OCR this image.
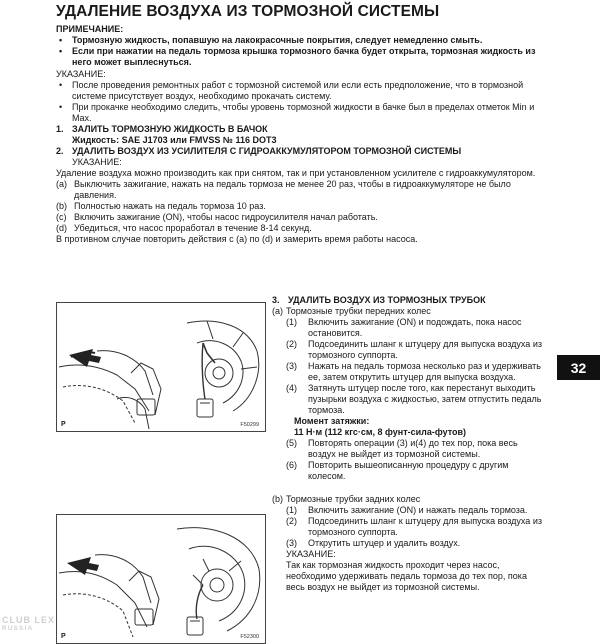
УДАЛЕНИЕ ВОЗДУХА ИЗ ТОРМОЗНОЙ СИСТЕМЫ
ПРИМЕЧАНИЕ:
• Тормозную жидкость, попавшую на лакокрасочные покрытия, следует немедленно смыть.
• Если при нажатии на педаль тормоза крышка тормозного бачка будет открыта, тормозная жидкость из него может выплеснуться.
УКАЗАНИЕ:
• После проведения ремонтных работ с тормозной системой или если есть предположение, что в тормозной системе присутствует воздух, необходимо прокачать систему.
• При прокачке необходимо следить, чтобы уровень тормозной жидкости в бачке был в пределах отметок Min и Max.
1. ЗАЛИТЬ ТОРМОЗНУЮ ЖИДКОСТЬ В БАЧОК
Жидкость: SAE J1703 или FMVSS № 116 DOT3
2. УДАЛИТЬ ВОЗДУХ ИЗ УСИЛИТЕЛЯ С ГИДРОАККУМУЛЯТОРОМ ТОРМОЗНОЙ СИСТЕМЫ
УКАЗАНИЕ:

Удаление воздуха можно производить как при снятом, так и при установленном усилителе с гидроаккумулятором.

(a) Выключить зажигание, нажать на педаль тормоза не менее 20 раз, чтобы в гидроаккумуляторе не было давления.
(b) Полностью нажать на педаль тормоза 10 раз.
(c) Включить зажигание (ON), чтобы насос гидроусилителя начал работать.
(d) Убедиться, что насос проработал в течение 8-14 секунд.

В противном случае повторить действия с (a) по (d) и замерить время работы насоса.

P	F50299
P	F52300
3. УДАЛИТЬ ВОЗДУХ ИЗ ТОРМОЗНЫХ ТРУБОК
(a) Тормозные трубки передних колес
(1) Включить зажигание (ON) и подождать, пока насос остановится.
(2) Подсоединить шланг к штуцеру для выпуска воздуха из тормозного суппорта.
(3) Нажать на педаль тормоза несколько раз и удерживать ее, затем открутить штуцер для выпуска воздуха.
(4) Затянуть штуцер после того, как перестанут выходить пузырьки воздуха с жидкостью, затем отпустить педаль тормоза.
Момент затяжки:
11 Н·м (112 кгс·см, 8 фунт-сила-футов)
(5) Повторять операции (3) и(4) до тех пор, пока весь воздух не выйдет из тормозной системы.
(6) Повторить вышеописанную процедуру с другим колесом.
(b) Тормозные трубки задних колес
(1) Включить зажигание (ON) и нажать педаль тормоза.
(2) Подсоединить шланг к штуцеру для выпуска воздуха из тормозного суппорта.
(3) Открутить штуцер и удалить воздух.
УКАЗАНИЕ:
Так как тормозная жидкость проходит через насос, необходимо удерживать педаль тормоза до тех пор, пока весь воздух не выйдет из тормозной системы.
32
CLUB LEX
RUSSIA
